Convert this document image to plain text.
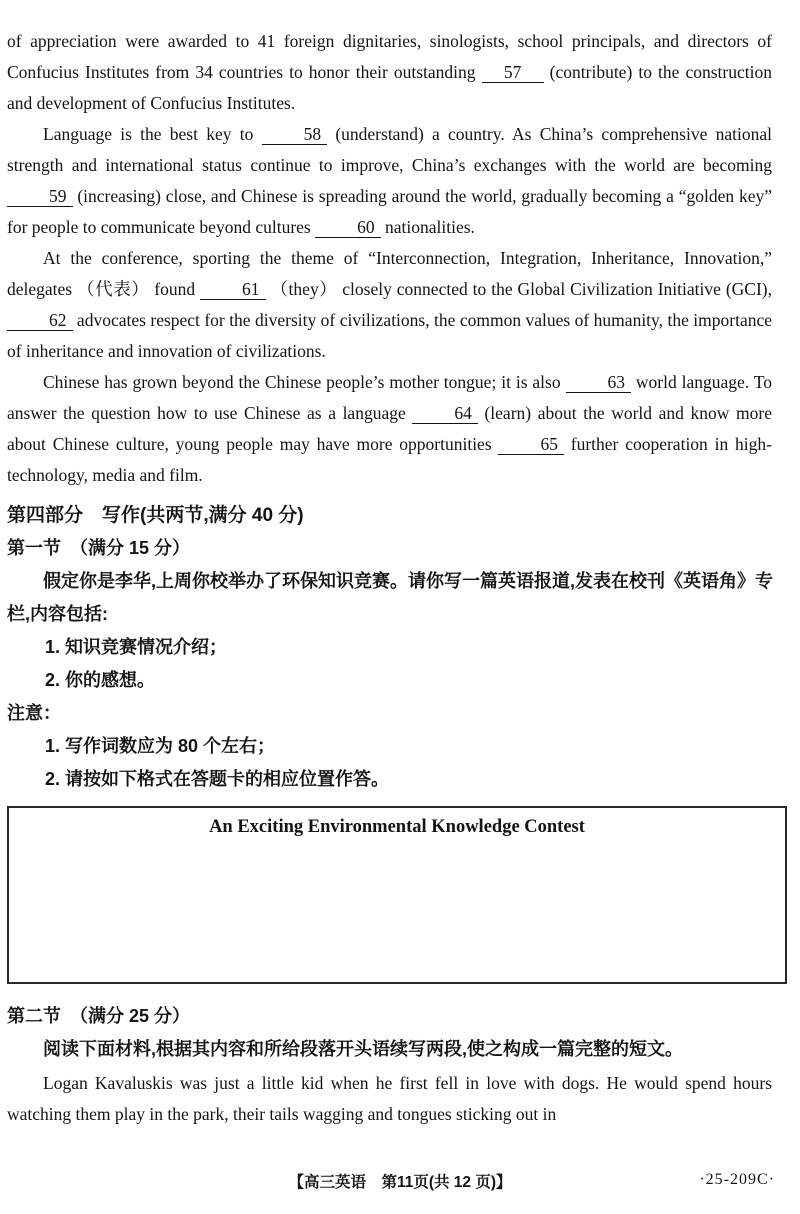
of appreciation were awarded to 41 foreign dignitaries, sinologists, school principals, and directors of Confucius Institutes from 34 countries to honor their outstanding 57 (contribute) to the construction and development of Confucius Institutes.

Language is the best key to 58 (understand) a country. As China’s comprehensive national strength and international status continue to improve, China’s exchanges with the world are becoming 59 (increasing) close, and Chinese is spreading around the world, gradually becoming a “golden key” for people to communicate beyond cultures 60 nationalities.

At the conference, sporting the theme of “Interconnection, Integration, Inheritance, Innovation,” delegates （代表） found 61 （they） closely connected to the Global Civilization Initiative (GCI), 62 advocates respect for the diversity of civilizations, the common values of humanity, the importance of inheritance and innovation of civilizations.

Chinese has grown beyond the Chinese people’s mother tongue; it is also 63 world language. To answer the question how to use Chinese as a language 64 (learn) about the world and know more about Chinese culture, young people may have more opportunities 65 further cooperation in high-technology, media and film.

第四部分　写作(共两节,满分 40 分)
第一节　（满分 15 分）

假定你是李华,上周你校举办了环保知识竞赛。请你写一篇英语报道,发表在校刊《英语角》专栏,内容包括:

1. 知识竞赛情况介绍；
2. 你的感想。
注意：
1. 写作词数应为 80 个左右；
2. 请按如下格式在答题卡的相应位置作答。
An Exciting Environmental Knowledge Contest
第二节　（满分 25 分）

阅读下面材料,根据其内容和所给段落开头语续写两段,使之构成一篇完整的短文。

Logan Kavaluskis was just a little kid when he first fell in love with dogs. He would spend hours watching them play in the park, their tails wagging and tongues sticking out in

【高三英语　第11页(共 12 页)】	·25-209C·
